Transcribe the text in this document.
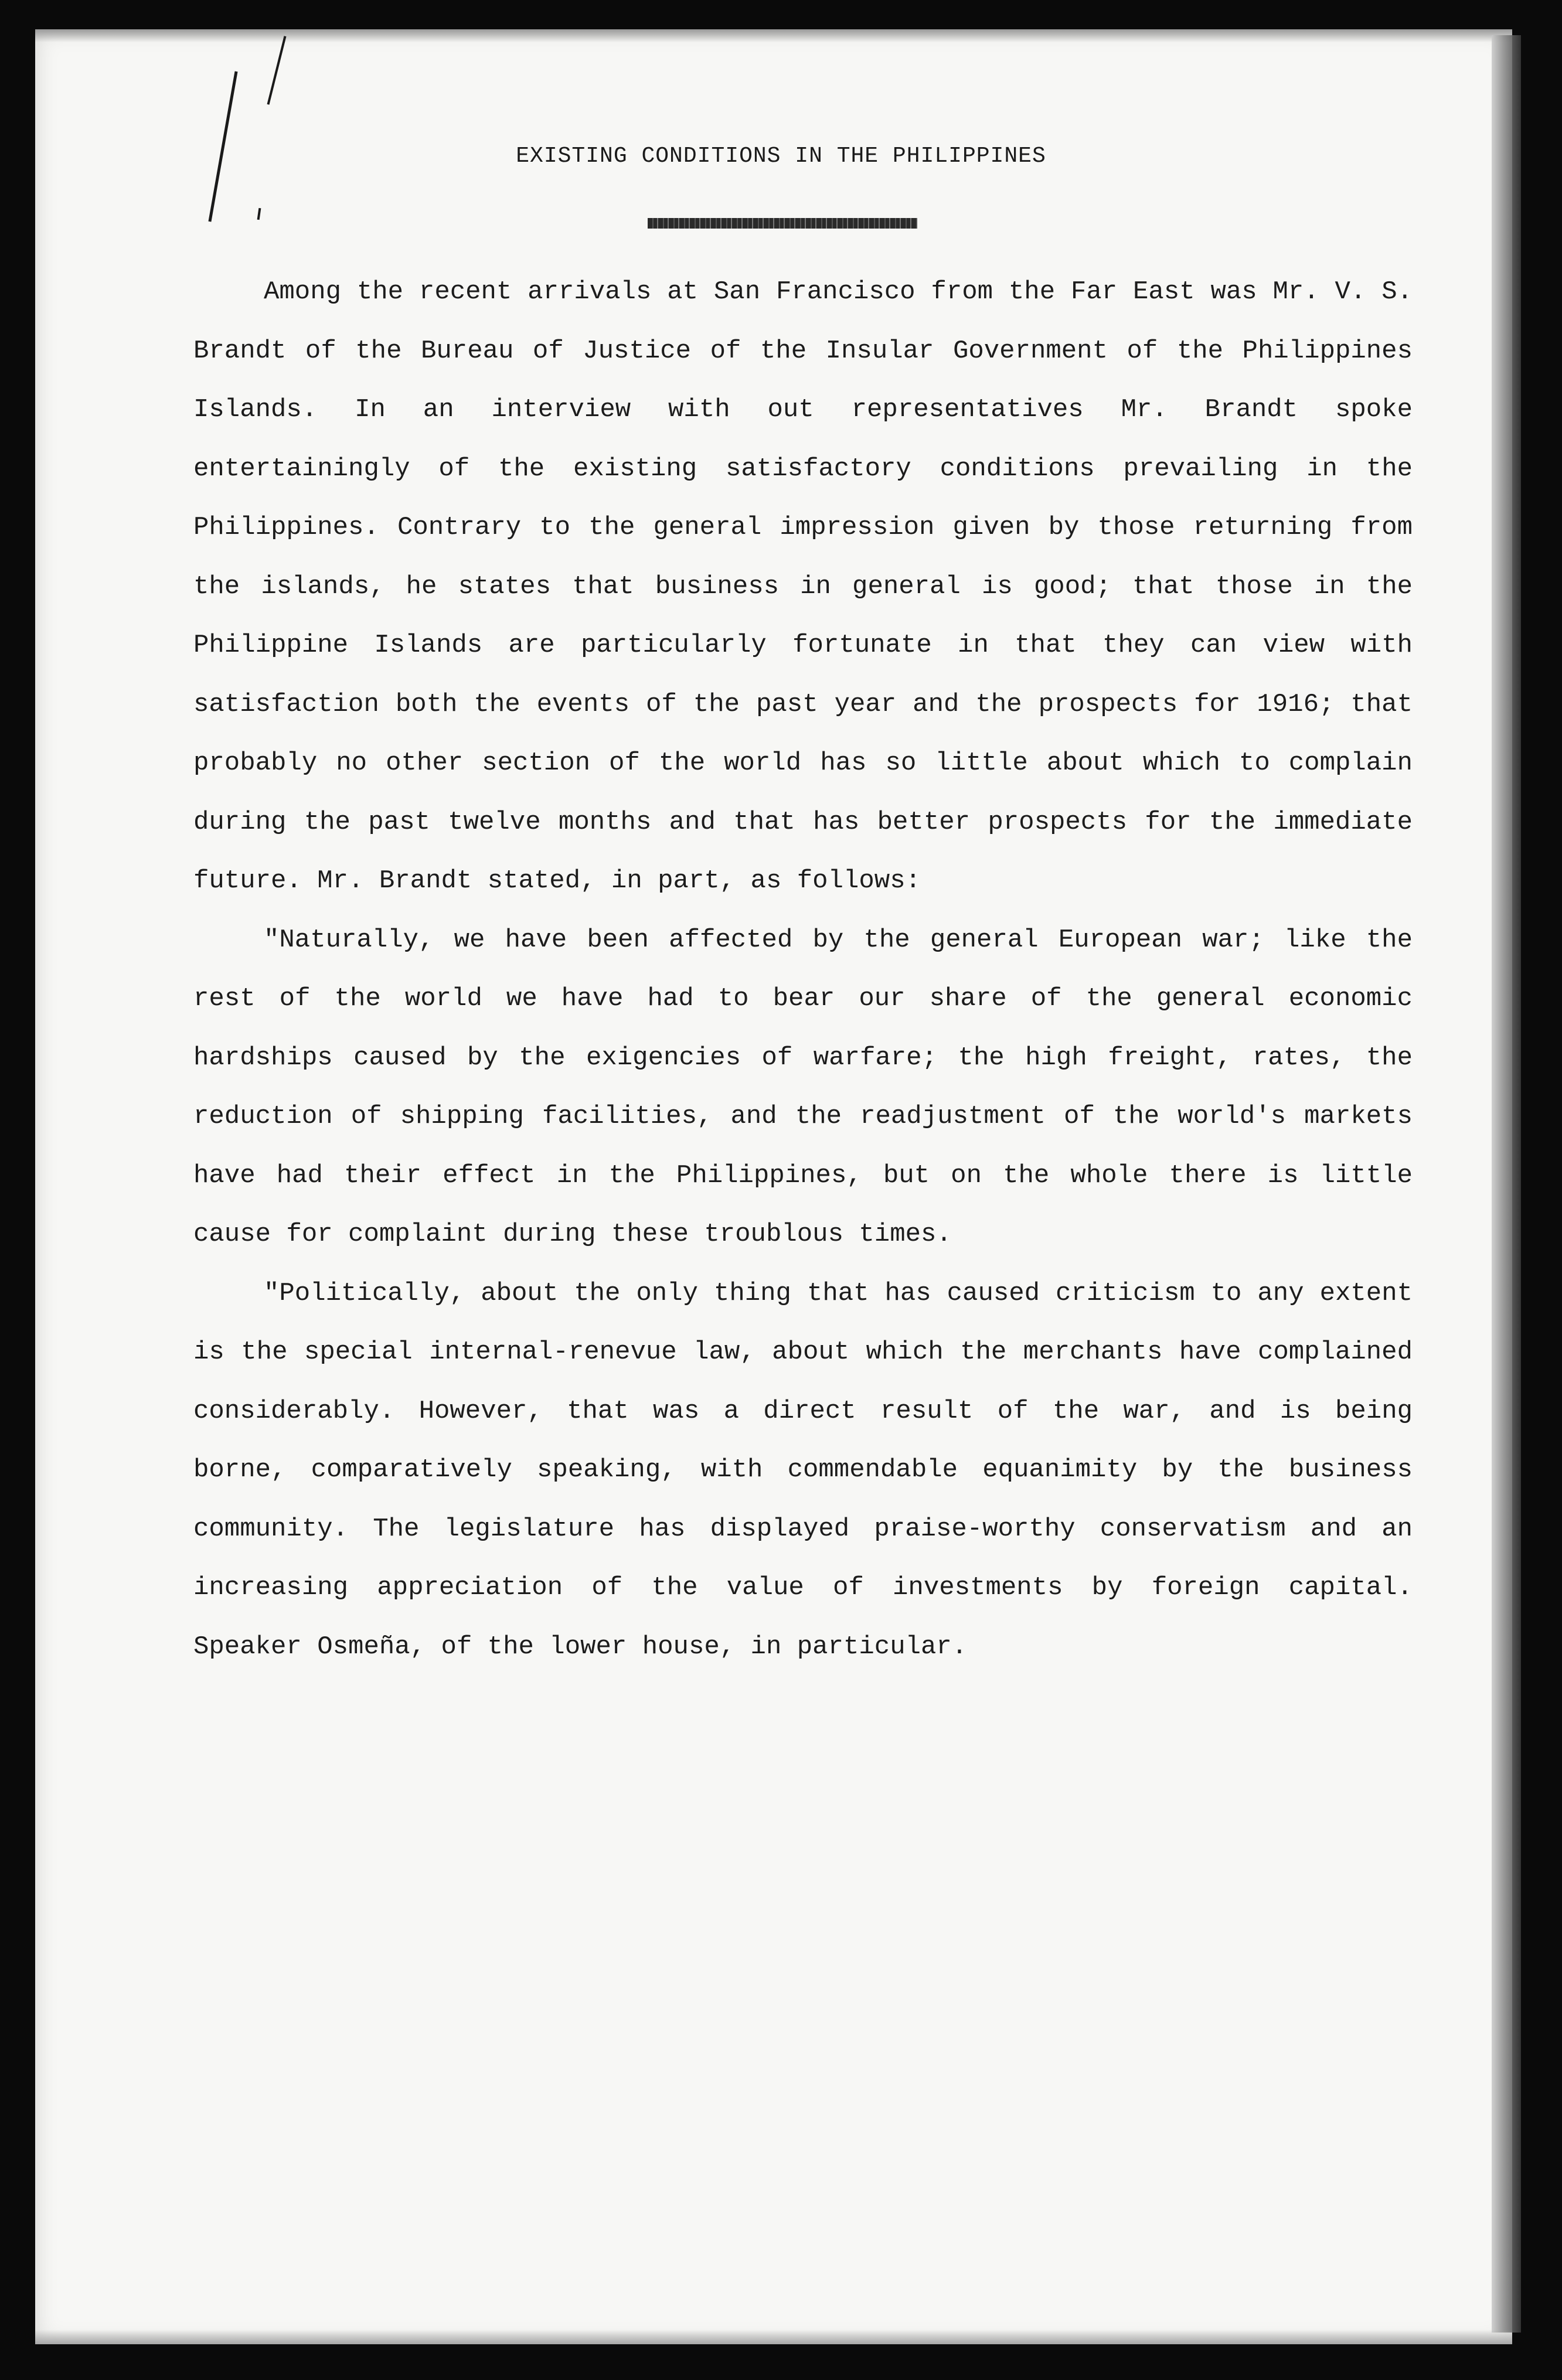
EXISTING CONDITIONS IN THE PHILIPPINES

Among the recent arrivals at San Francisco from the Far East was Mr. V. S. Brandt of the Bureau of Justice of the Insular Government of the Philippines Islands. In an interview with out representatives Mr. Brandt spoke entertainingly of the existing satisfactory conditions prevailing in the Philippines. Contrary to the general impression given by those returning from the islands, he states that business in general is good; that those in the Philippine Islands are particularly fortunate in that they can view with satisfaction both the events of the past year and the prospects for 1916; that probably no other section of the world has so little about which to complain during the past twelve months and that has better prospects for the immediate future. Mr. Brandt stated, in part, as follows:

"Naturally, we have been affected by the general European war; like the rest of the world we have had to bear our share of the general economic hardships caused by the exigencies of warfare; the high freight, rates, the reduction of shipping facilities, and the readjustment of the world's markets have had their effect in the Philippines, but on the whole there is little cause for complaint during these troublous times.

"Politically, about the only thing that has caused criticism to any extent is the special internal-renevue law, about which the merchants have complained considerably. However, that was a direct result of the war, and is being borne, comparatively speaking, with commendable equanimity by the business community. The legislature has displayed praise-worthy conservatism and an increasing appreciation of the value of investments by foreign capital. Speaker Osmeña, of the lower house, in particular.
